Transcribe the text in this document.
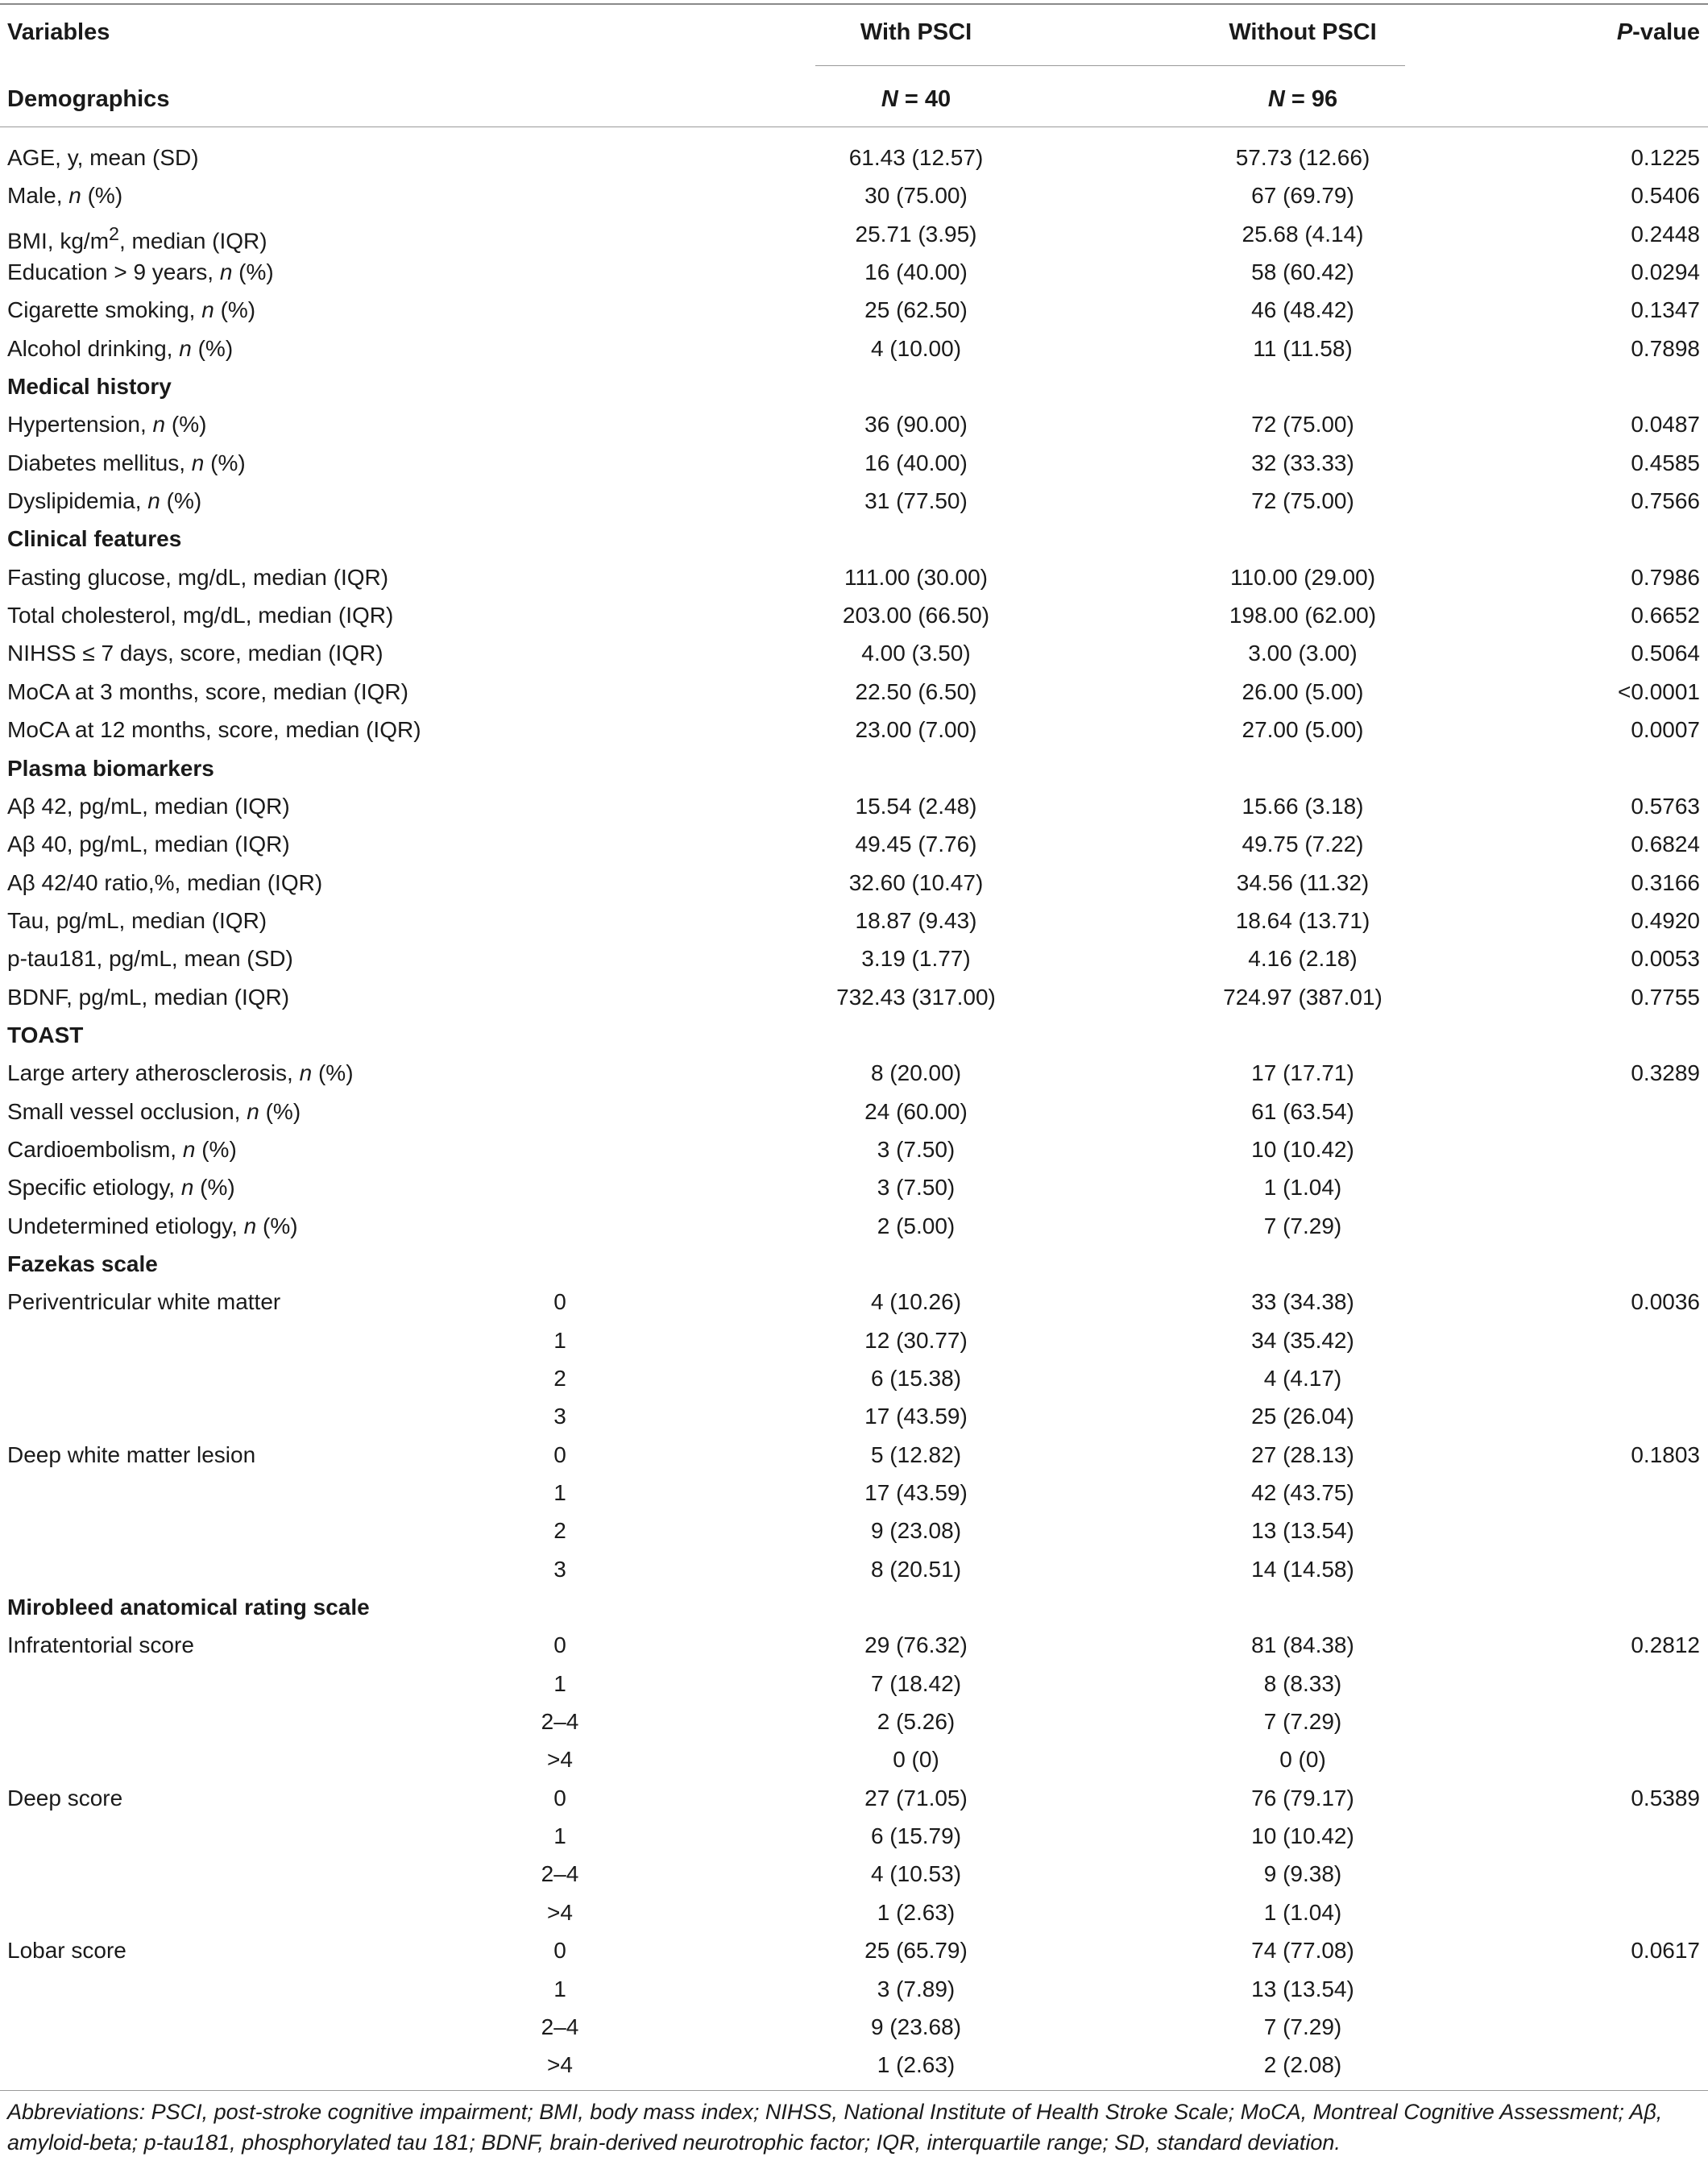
Variables	With PSCI	Without PSCI	P-value
Demographics	N = 40	N = 96
AGE, y, mean (SD)	61.43 (12.57)	57.73 (12.66)	0.1225
Male, n (%)	30 (75.00)	67 (69.79)	0.5406
BMI, $kg/m^2$, median (IQR)	25.71 (3.95)	25.68 (4.14)	0.2448
Education > 9 years, n (%)	16 (40.00)	58 (60.42)	0.0294
Cigarette smoking, n (%)	25 (62.50)	46 (48.42)	0.1347
Alcohol drinking, n (%)	4 (10.00)	11 (11.58)	0.7898
Medical history
Hypertension, n (%)	36 (90.00)	72 (75.00)	0.0487
Diabetes mellitus, n (%)	16 (40.00)	32 (33.33)	0.4585
Dyslipidemia, n (%)	31 (77.50)	72 (75.00)	0.7566
Clinical features
Fasting glucose, mg/dL, median (IQR)	111.00 (30.00)	110.00 (29.00)	0.7986
Total cholesterol, mg/dL, median (IQR)	203.00 (66.50)	198.00 (62.00)	0.6652
NIHSS ≤ 7 days, score, median (IQR)	4.00 (3.50)	3.00 (3.00)	0.5064
MoCA at 3 months, score, median (IQR)	22.50 (6.50)	26.00 (5.00)	<0.0001
MoCA at 12 months, score, median (IQR)	23.00 (7.00)	27.00 (5.00)	0.0007
Plasma biomarkers
Aβ 42, pg/mL, median (IQR)	15.54 (2.48)	15.66 (3.18)	0.5763
Aβ 40, pg/mL, median (IQR)	49.45 (7.76)	49.75 (7.22)	0.6824
Aβ 42/40 ratio,%, median (IQR)	32.60 (10.47)	34.56 (11.32)	0.3166
Tau, pg/mL, median (IQR)	18.87 (9.43)	18.64 (13.71)	0.4920
p-tau181, pg/mL, mean (SD)	3.19 (1.77)	4.16 (2.18)	0.0053
BDNF, pg/mL, median (IQR)	732.43 (317.00)	724.97 (387.01)	0.7755
TOAST
Large artery atherosclerosis, n (%)	8 (20.00)	17 (17.71)	0.3289
Small vessel occlusion, n (%)	24 (60.00)	61 (63.54)
Cardioembolism, n (%)	3 (7.50)	10 (10.42)
Specific etiology, n (%)	3 (7.50)	1 (1.04)
Undetermined etiology, n (%)	2 (5.00)	7 (7.29)
Fazekas scale
Periventricular white matter	0	4 (10.26)	33 (34.38)	0.0036
1	12 (30.77)	34 (35.42)
2	6 (15.38)	4 (4.17)
3	17 (43.59)	25 (26.04)
Deep white matter lesion	0	5 (12.82)	27 (28.13)	0.1803
1	17 (43.59)	42 (43.75)
2	9 (23.08)	13 (13.54)
3	8 (20.51)	14 (14.58)
Mirobleed anatomical rating scale
Infratentorial score	0	29 (76.32)	81 (84.38)	0.2812
1	7 (18.42)	8 (8.33)
2–4	2 (5.26)	7 (7.29)
>4	0 (0)	0 (0)
Deep score	0	27 (71.05)	76 (79.17)	0.5389
1	6 (15.79)	10 (10.42)
2–4	4 (10.53)	9 (9.38)
>4	1 (2.63)	1 (1.04)
Lobar score	0	25 (65.79)	74 (77.08)	0.0617
1	3 (7.89)	13 (13.54)
2–4	9 (23.68)	7 (7.29)
>4	1 (2.63)	2 (2.08)
Abbreviations: PSCI, post-stroke cognitive impairment; BMI, body mass index; NIHSS, National Institute of Health Stroke Scale; MoCA, Montreal Cognitive Assessment; Aβ, amyloid-beta; p-tau181, phosphorylated tau 181; BDNF, brain-derived neurotrophic factor; IQR, interquartile range; SD, standard deviation.
